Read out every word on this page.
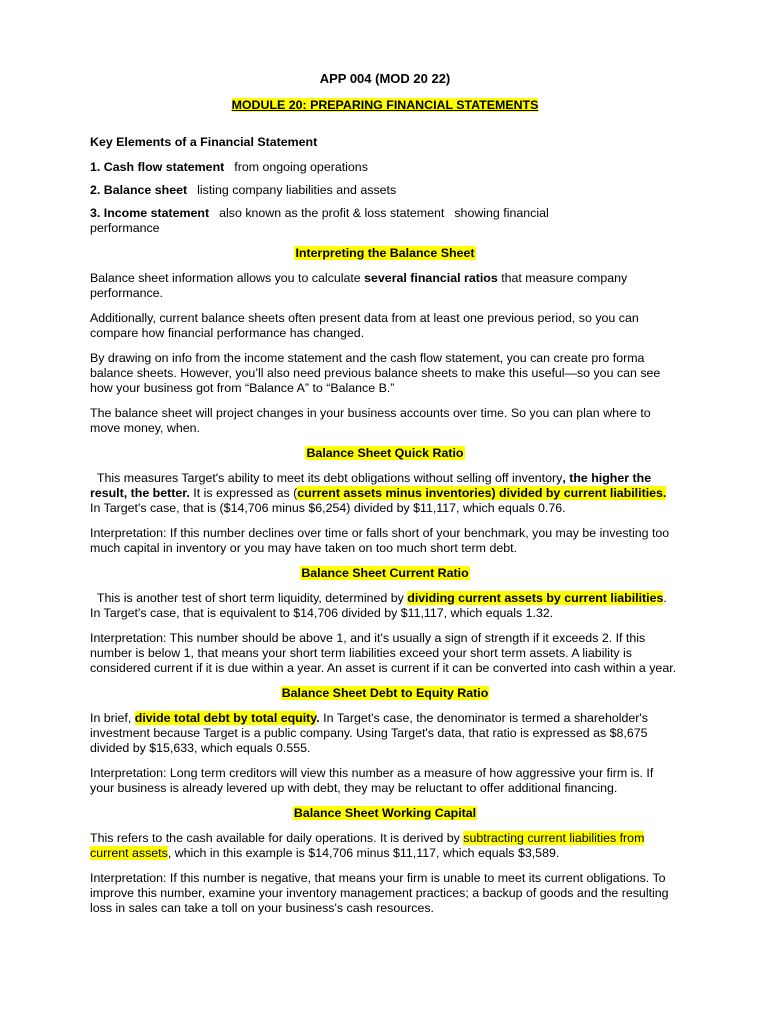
APP 004 (MOD 20 22)
MODULE 20: PREPARING FINANCIAL STATEMENTS
Key Elements of a Financial Statement
1. Cash flow statement from ongoing operations
2. Balance sheet listing company liabilities and assets
3. Income statement also known as the profit & loss statement showing financial
performance
Interpreting the Balance Sheet

Balance sheet information allows you to calculate several financial ratios that measure company performance.

Additionally, current balance sheets often present data from at least one previous period, so you can compare how financial performance has changed.

By drawing on info from the income statement and the cash flow statement, you can create pro forma balance sheets. However, you’ll also need previous balance sheets to make this useful—so you can see how your business got from “Balance A” to “Balance B.”

The balance sheet will project changes in your business accounts over time. So you can plan where to move money, when.

Balance Sheet Quick Ratio

This measures Target's ability to meet its debt obligations without selling off inventory, the higher the result, the better. It is expressed as (current assets minus inventories) divided by current liabilities. In Target's case, that is ($14,706 minus $6,254) divided by $11,117, which equals 0.76.

Interpretation: If this number declines over time or falls short of your benchmark, you may be investing too much capital in inventory or you may have taken on too much short term debt.

Balance Sheet Current Ratio

This is another test of short term liquidity, determined by dividing current assets by current liabilities. In Target's case, that is equivalent to $14,706 divided by $11,117, which equals 1.32.

Interpretation: This number should be above 1, and it's usually a sign of strength if it exceeds 2. If this number is below 1, that means your short term liabilities exceed your short term assets. A liability is considered current if it is due within a year. An asset is current if it can be converted into cash within a year.

Balance Sheet Debt to Equity Ratio

In brief, divide total debt by total equity. In Target's case, the denominator is termed a shareholder's investment because Target is a public company. Using Target's data, that ratio is expressed as $8,675 divided by $15,633, which equals 0.555.

Interpretation: Long term creditors will view this number as a measure of how aggressive your firm is. If your business is already levered up with debt, they may be reluctant to offer additional financing.

Balance Sheet Working Capital

This refers to the cash available for daily operations. It is derived by subtracting current liabilities from current assets, which in this example is $14,706 minus $11,117, which equals $3,589.

Interpretation: If this number is negative, that means your firm is unable to meet its current obligations. To improve this number, examine your inventory management practices; a backup of goods and the resulting loss in sales can take a toll on your business's cash resources.
